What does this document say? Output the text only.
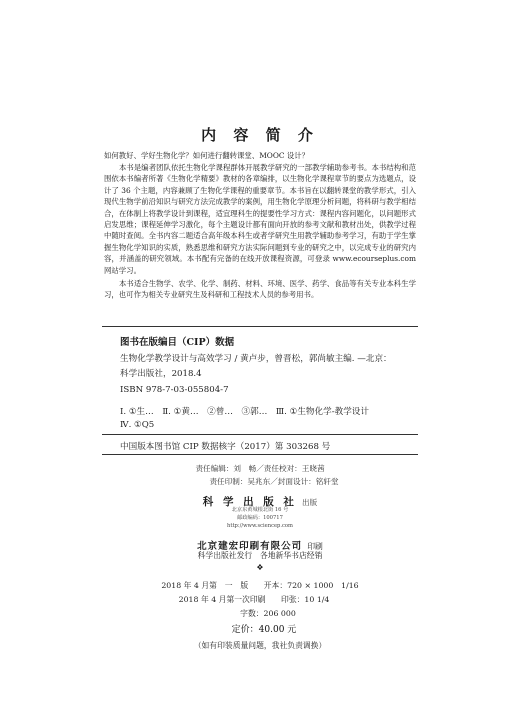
内 容 简 介
如何教好、学好生物化学？如何进行翻转课堂、MOOC 设计？
本书是编者团队依托生物化学课程群体开展教学研究的一部教学辅助参考书。本书结构和范围依本书编者所著《生物化学精要》教材的各章编排，以生物化学课程章节的要点为选题点，设计了 36 个主题，内容兼顾了生物化学课程的重要章节。本书旨在以翻转课堂的教学形式，引入现代生物学前沿知识与研究方法完成教学的案例，用生物化学原理分析问题，将科研与教学相结合，在体制上将教学设计到课程，适宜理科生的提要性学习方式：课程内容问题化，以问题形式启发思维；课程延伸学习激化，每个主题设计都有面向开放的参考文献和教材出处，供教学过程中随时查阅。全书内容二题适合高年级本科生或者学研究生用教学辅助参考学习，有助于学生掌握生物化学知识的实质，熟悉思维和研究方法实际问题到专业的研究之中，以完成专业的研究内容，并涵盖的研究领域。本书配有完备的在线开放课程资源，可登录 www.ecourseplus.com 网站学习。
本书适合生物学、农学、化学、制药、材料、环境、医学、药学、食品等有关专业本科生学习，也可作为相关专业研究生及科研和工程技术人员的参考用书。
图书在版编目（CIP）数据
生物化学教学设计与高效学习 / 黄卢步，曾晋松，郭尚敏主编. —北京：
科学出版社，2018.4
ISBN 978-7-03-055804-7
Ⅰ. ①生…　Ⅱ. ①黄…　②曾…　③郭…　Ⅲ. ①生物化学-教学设计
Ⅳ. ①Q5
中国版本图书馆 CIP 数据核字（2017）第 303268 号
责任编辑：刘　畅／责任校对：王晓茜
责任印制：吴兆东／封面设计：铭轩堂
科 学 出 版 社 出版
北京东黄城根北街 16 号
邮政编码：100717
http://www.sciencep.com
北京建宏印刷有限公司 印刷
科学出版社发行　各地新华书店经销
❖
2018 年 4 月第　一　版　　开本：720 × 1000　1/16
2018 年 4 月第一次印刷　　印张：10 1/4
字数：206 000
定价：40.00 元
（如有印装质量问题，我社负责调换）
